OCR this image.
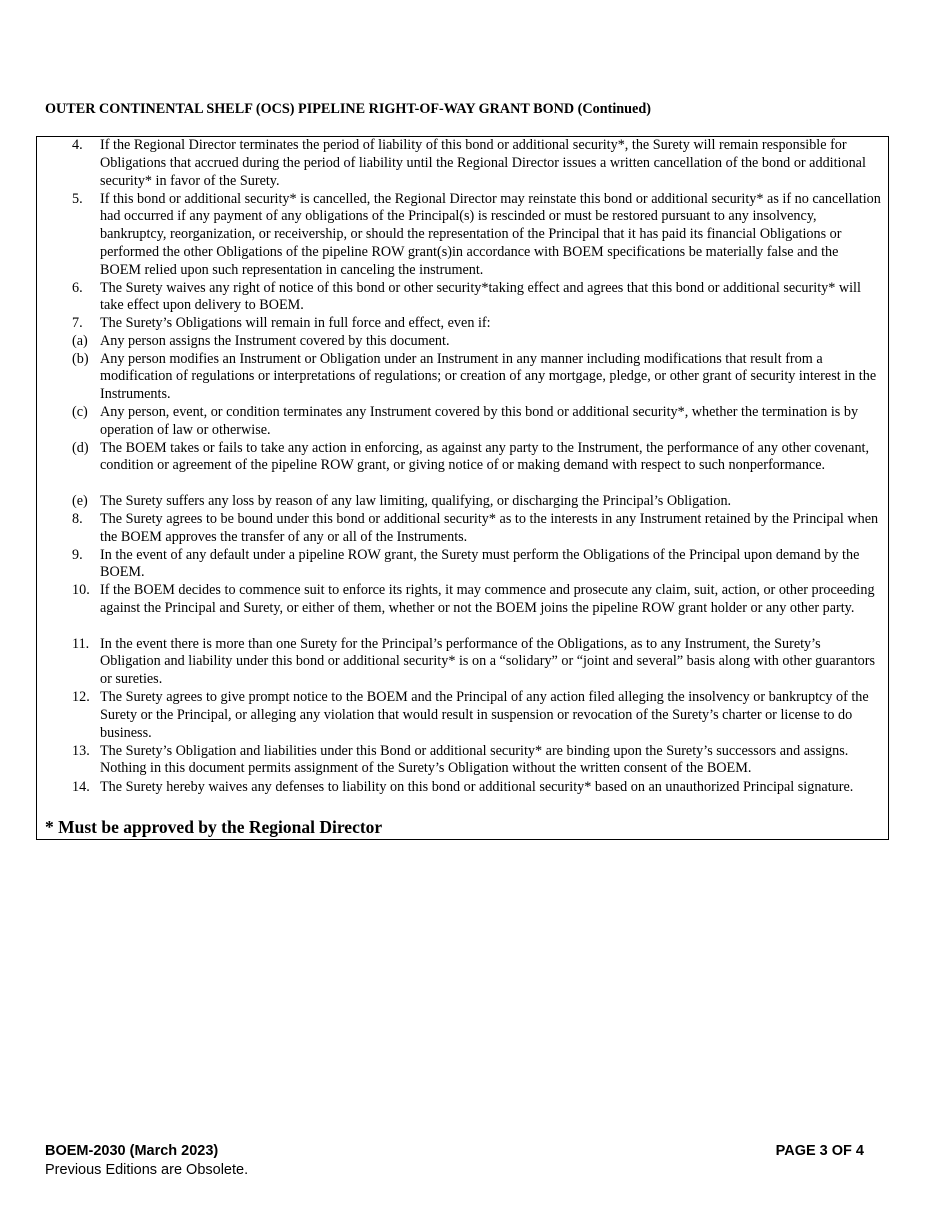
OUTER CONTINENTAL SHELF (OCS) PIPELINE RIGHT-OF-WAY GRANT BOND (Continued)
4. If the Regional Director terminates the period of liability of this bond or additional security*, the Surety will remain responsible for Obligations that accrued during the period of liability until the Regional Director issues a written cancellation of the bond or additional security* in favor of the Surety.
5. If this bond or additional security* is cancelled, the Regional Director may reinstate this bond or additional security* as if no cancellation had occurred if any payment of any obligations of the Principal(s) is rescinded or must be restored pursuant to any insolvency, bankruptcy, reorganization, or receivership, or should the representation of the Principal that it has paid its financial Obligations or performed the other Obligations of the pipeline ROW grant(s)in accordance with BOEM specifications be materially false and the BOEM relied upon such representation in canceling the instrument.
6. The Surety waives any right of notice of this bond or other security*taking effect and agrees that this bond or additional security* will take effect upon delivery to BOEM.
7. The Surety’s Obligations will remain in full force and effect, even if:
(a) Any person assigns the Instrument covered by this document.
(b) Any person modifies an Instrument or Obligation under an Instrument in any manner including modifications that result from a modification of regulations or interpretations of regulations; or creation of any mortgage, pledge, or other grant of security interest in the Instruments.
(c) Any person, event, or condition terminates any Instrument covered by this bond or additional security*, whether the termination is by operation of law or otherwise.
(d) The BOEM takes or fails to take any action in enforcing, as against any party to the Instrument, the performance of any other covenant, condition or agreement of the pipeline ROW grant, or giving notice of or making demand with respect to such nonperformance.
(e) The Surety suffers any loss by reason of any law limiting, qualifying, or discharging the Principal’s Obligation.
8. The Surety agrees to be bound under this bond or additional security* as to the interests in any Instrument retained by the Principal when the BOEM approves the transfer of any or all of the Instruments.
9. In the event of any default under a pipeline ROW grant, the Surety must perform the Obligations of the Principal upon demand by the BOEM.
10. If the BOEM decides to commence suit to enforce its rights, it may commence and prosecute any claim, suit, action, or other proceeding against the Principal and Surety, or either of them, whether or not the BOEM joins the pipeline ROW grant holder or any other party.
11. In the event there is more than one Surety for the Principal’s performance of the Obligations, as to any Instrument, the Surety’s Obligation and liability under this bond or additional security* is on a “solidary” or “joint and several” basis along with other guarantors or sureties.
12. The Surety agrees to give prompt notice to the BOEM and the Principal of any action filed alleging the insolvency or bankruptcy of the Surety or the Principal, or alleging any violation that would result in suspension or revocation of the Surety’s charter or license to do business.
13. The Surety’s Obligation and liabilities under this Bond or additional security* are binding upon the Surety’s successors and assigns. Nothing in this document permits assignment of the Surety’s Obligation without the written consent of the BOEM.
14. The Surety hereby waives any defenses to liability on this bond or additional security* based on an unauthorized Principal signature.
* Must be approved by the Regional Director
BOEM-2030 (March 2023)
Previous Editions are Obsolete.
PAGE 3 OF 4
